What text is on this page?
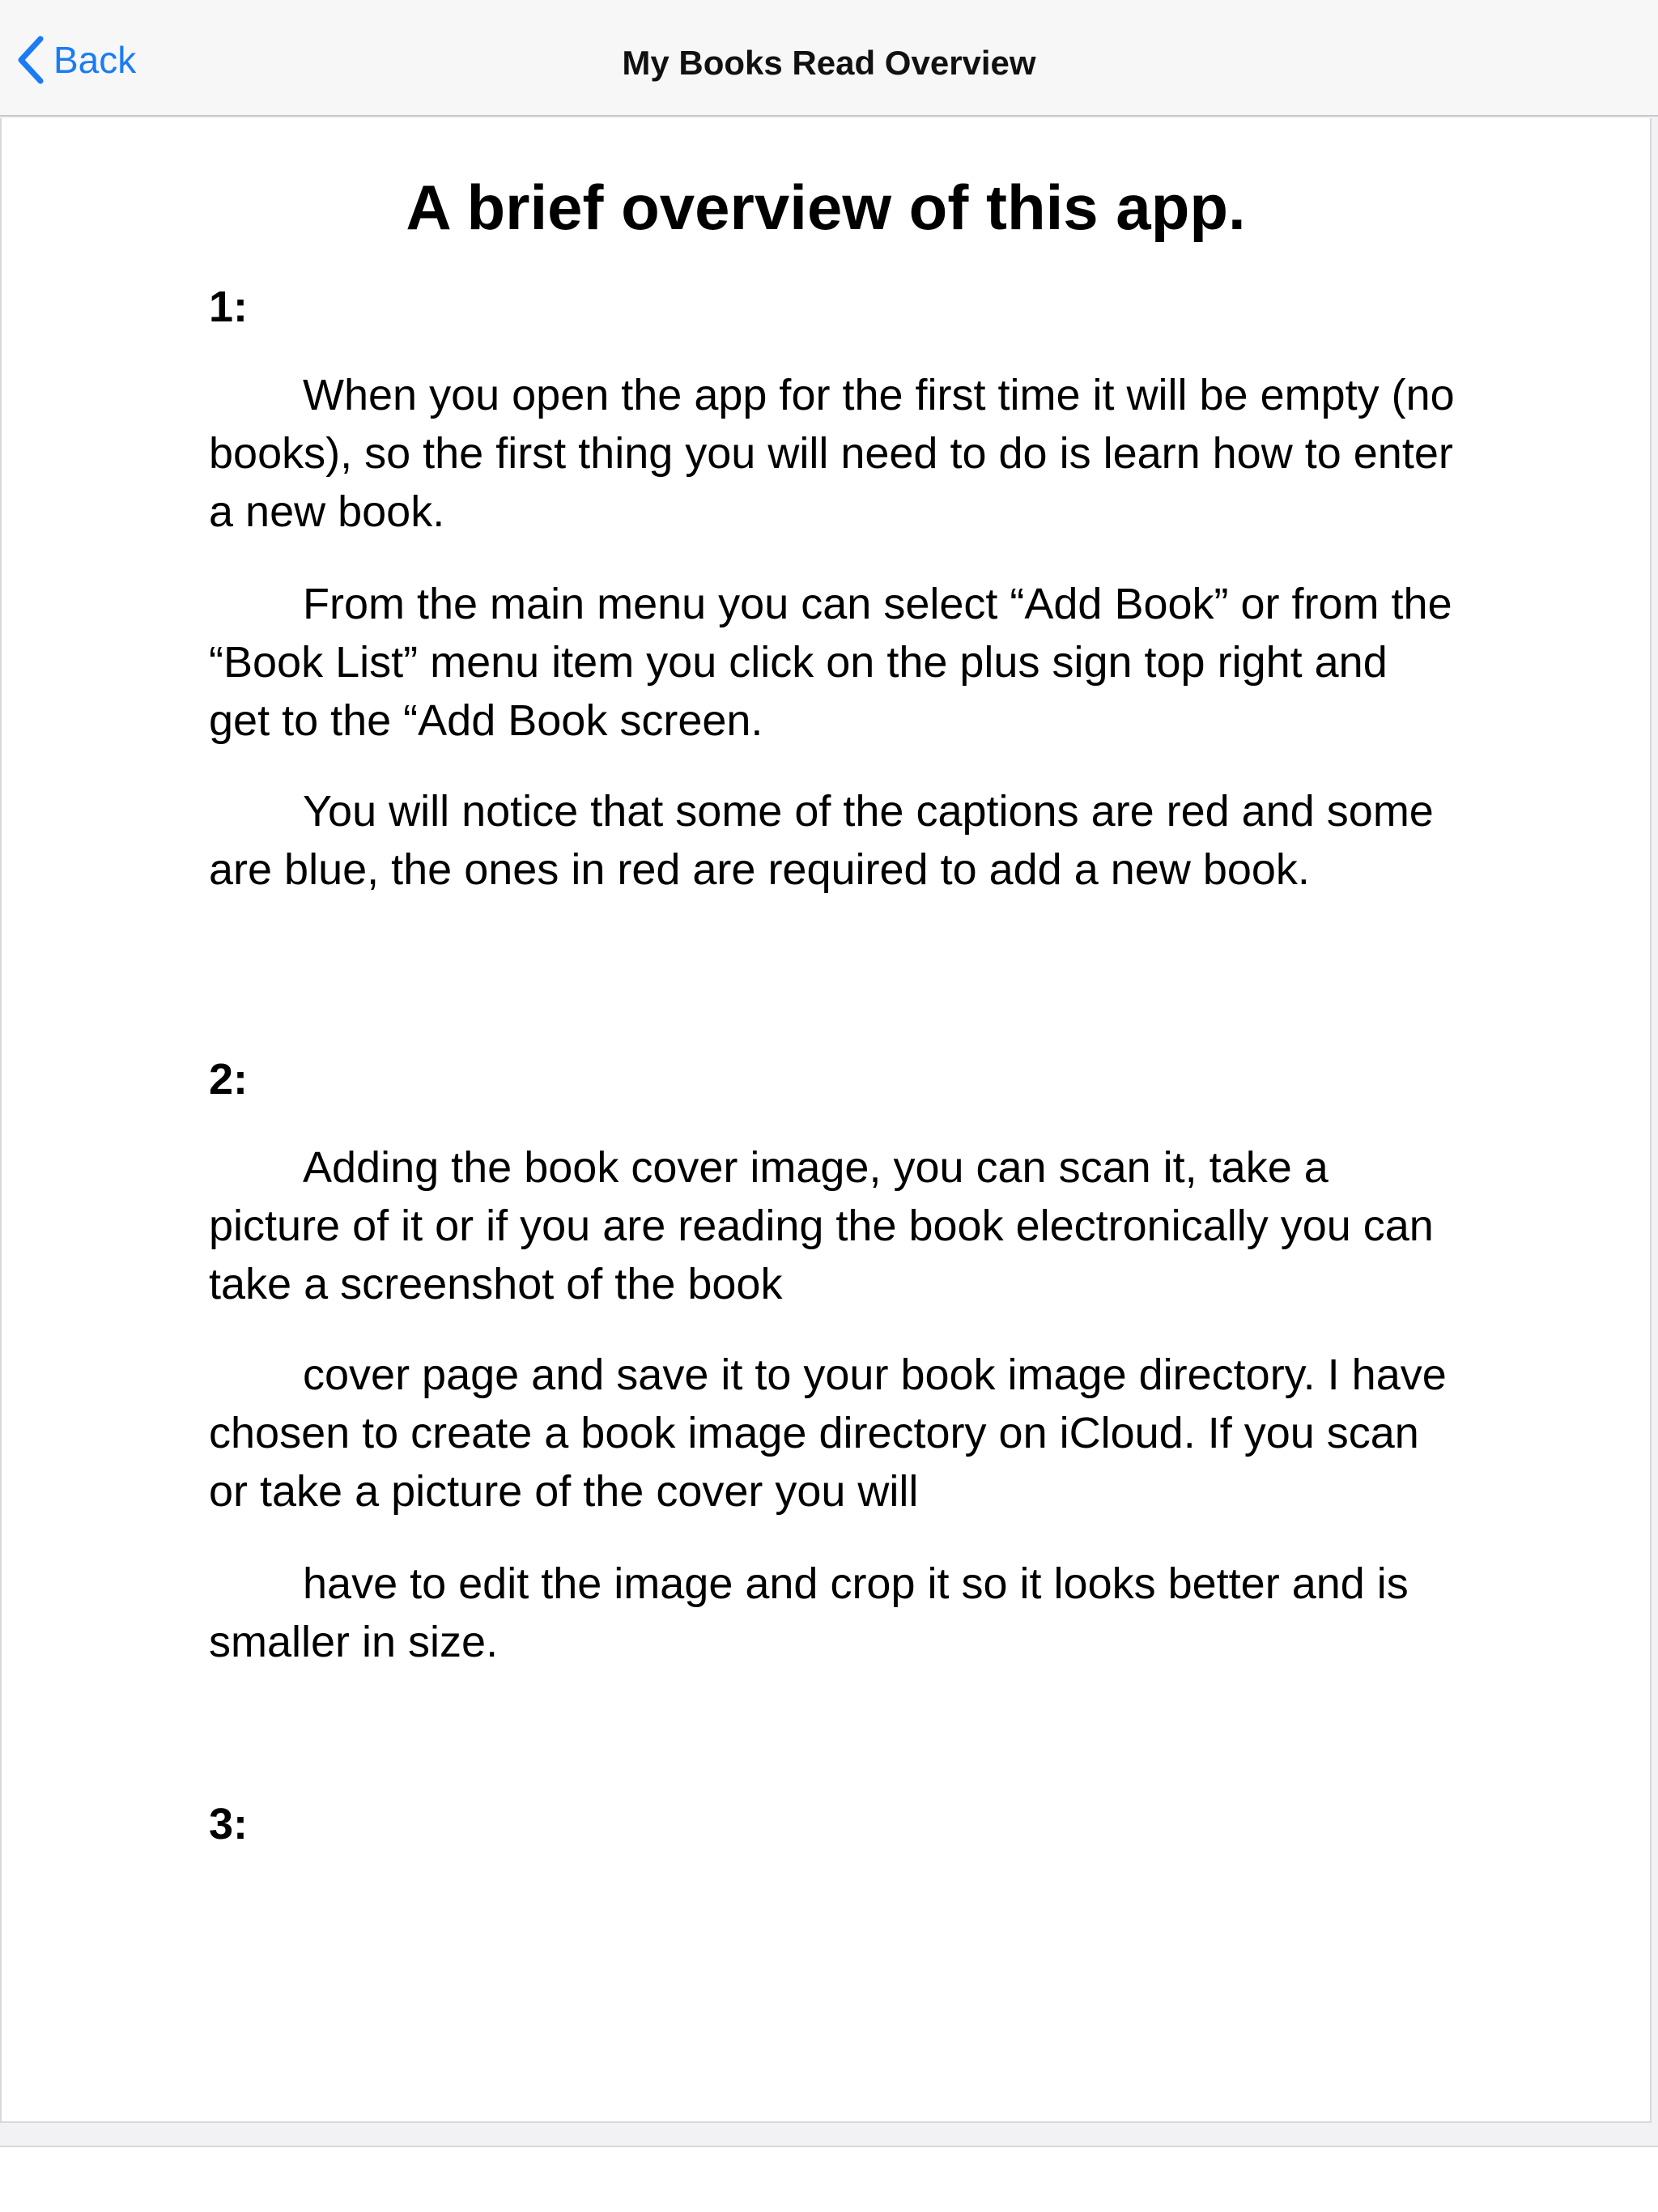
Back	My Books Read Overview
A brief overview of this app.
1:

When you open the app for the first time it will be empty (no books), so the first thing you will need to do is learn how to enter a new book.

From the main menu you can select “Add Book” or from the “Book List” menu item you click on the plus sign top right and get to the “Add Book screen.

You will notice that some of the captions are red and some are blue, the ones in red are required to add a new book.

2:

Adding the book cover image, you can scan it, take a picture of it or if you are reading the book electronically you can take a screenshot of the book

cover page and save it to your book image directory. I have chosen to create a book image directory on iCloud. If you scan or take a picture of the cover you will

have to edit the image and crop it so it looks better and is smaller in size.

3:
